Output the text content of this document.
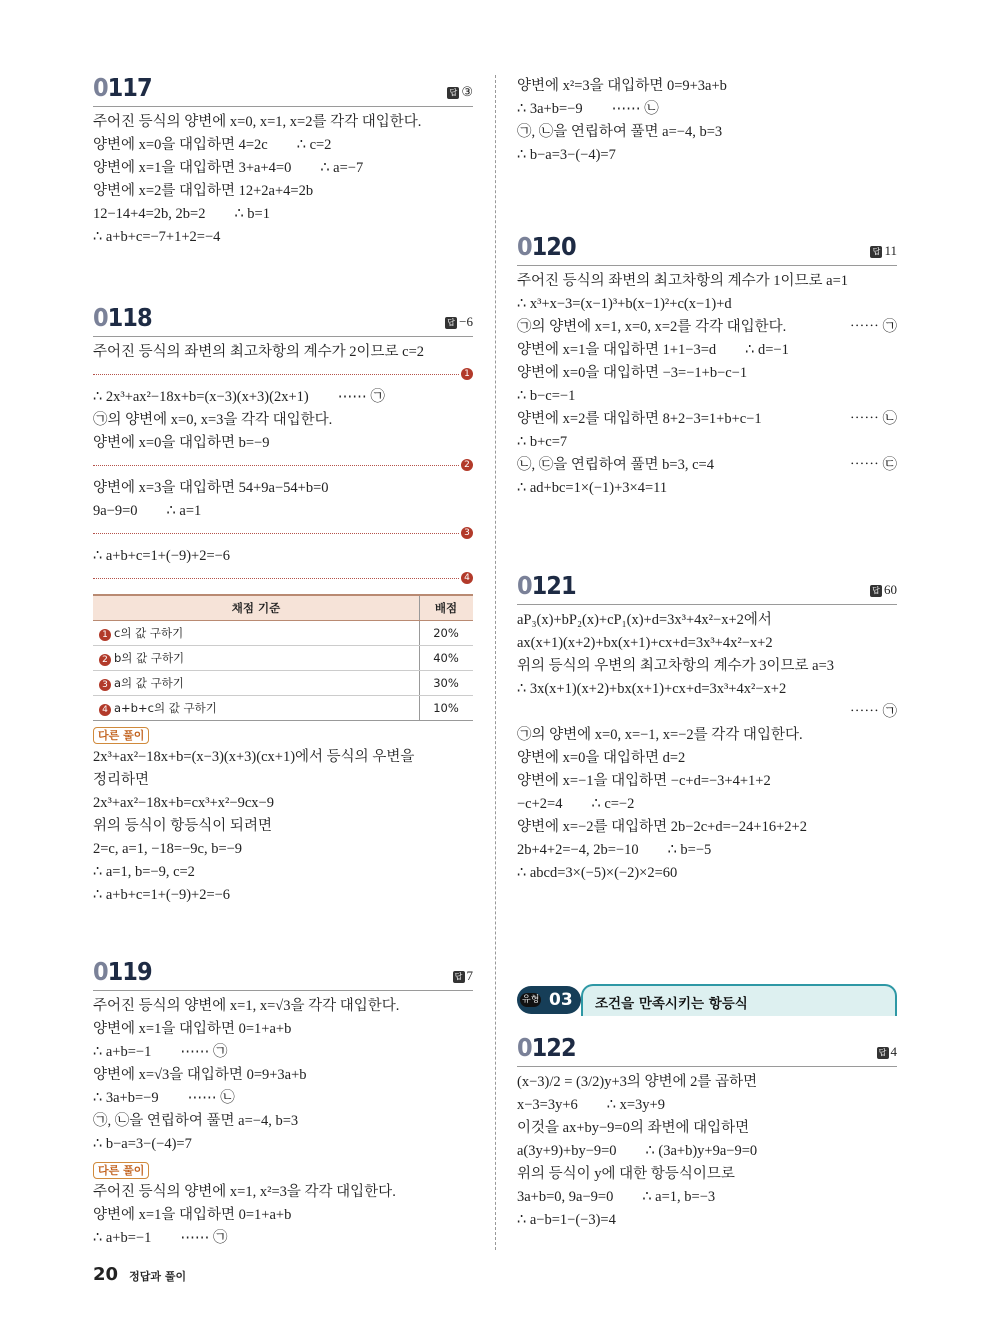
양변에 x²=3을 대입하면 0=9+3a+b
∴ 3a+b=−9        ⋯⋯ ㉡
㉠, ㉡을 연립하여 풀면 a=−4, b=3
∴ b−a=3−(−4)=7
0117	답 ③
주어진 등식의 양변에 x=0, x=1, x=2를 각각 대입한다.
양변에 x=0을 대입하면 4=2c        ∴ c=2
양변에 x=1을 대입하면 3+a+4=0        ∴ a=−7
양변에 x=2를 대입하면 12+2a+4=2b
12−14+4=2b, 2b=2        ∴ b=1
∴ a+b+c=−7+1+2=−4
0118	답 −6
주어진 등식의 좌변의 최고차항의 계수가 2이므로 c=2
1
∴ 2x³+ax²−18x+b=(x−3)(x+3)(2x+1)        ⋯⋯ ㉠
㉠의 양변에 x=0, x=3을 각각 대입한다.
양변에 x=0을 대입하면 b=−9
2
양변에 x=3을 대입하면 54+9a−54+b=0
9a−9=0        ∴ a=1
3
∴ a+b+c=1+(−9)+2=−6
4
채점 기준	배점
1 c의 값 구하기	20%
2 b의 값 구하기	40%
3 a의 값 구하기	30%
4 a+b+c의 값 구하기	10%
다른 풀이
2x³+ax²−18x+b=(x−3)(x+3)(cx+1)에서 등식의 우변을
정리하면
2x³+ax²−18x+b=cx³+x²−9cx−9
위의 등식이 항등식이 되려면
2=c, a=1, −18=−9c, b=−9
∴ a=1, b=−9, c=2
∴ a+b+c=1+(−9)+2=−6
0119	답 7
주어진 등식의 양변에 x=1, x=√3을 각각 대입한다.
양변에 x=1을 대입하면 0=1+a+b
∴ a+b=−1        ⋯⋯ ㉠
양변에 x=√3을 대입하면 0=9+3a+b
∴ 3a+b=−9        ⋯⋯ ㉡
㉠, ㉡을 연립하여 풀면 a=−4, b=3
∴ b−a=3−(−4)=7
다른 풀이
주어진 등식의 양변에 x=1, x²=3을 각각 대입한다.
양변에 x=1을 대입하면 0=1+a+b
∴ a+b=−1        ⋯⋯ ㉠
0120	답 11
주어진 등식의 좌변의 최고차항의 계수가 1이므로 a=1
∴ x³+x−3=(x−1)³+b(x−1)²+c(x−1)+d
⋯⋯ ㉠
㉠의 양변에 x=1, x=0, x=2를 각각 대입한다.
양변에 x=1을 대입하면 1+1−3=d        ∴ d=−1
양변에 x=0을 대입하면 −3=−1+b−c−1
∴ b−c=−1
⋯⋯ ㉡
양변에 x=2를 대입하면 8+2−3=1+b+c−1
∴ b+c=7
⋯⋯ ㉢
㉡, ㉢을 연립하여 풀면 b=3, c=4
∴ ad+bc=1×(−1)+3×4=11
0121	답 60
aP₃(x)+bP₂(x)+cP₁(x)+d=3x³+4x²−x+2에서
ax(x+1)(x+2)+bx(x+1)+cx+d=3x³+4x²−x+2
위의 등식의 우변의 최고차항의 계수가 3이므로 a=3
∴ 3x(x+1)(x+2)+bx(x+1)+cx+d=3x³+4x²−x+2
⋯⋯ ㉠
㉠의 양변에 x=0, x=−1, x=−2를 각각 대입한다.
양변에 x=0을 대입하면 d=2
양변에 x=−1을 대입하면 −c+d=−3+4+1+2
−c+2=4        ∴ c=−2
양변에 x=−2를 대입하면 2b−2c+d=−24+16+2+2
2b+4+2=−4, 2b=−10        ∴ b=−5
∴ abcd=3×(−5)×(−2)×2=60
0122	답 4
(x−3)/2 = (3/2)y+3의 양변에 2를 곱하면
x−3=3y+6        ∴ x=3y+9
이것을 ax+by−9=0의 좌변에 대입하면
a(3y+9)+by−9=0        ∴ (3a+b)y+9a−9=0
위의 등식이 y에 대한 항등식이므로
3a+b=0, 9a−9=0        ∴ a=1, b=−3
∴ a−b=1−(−3)=4
유형 03 조건을 만족시키는 항등식
20 정답과 풀이
